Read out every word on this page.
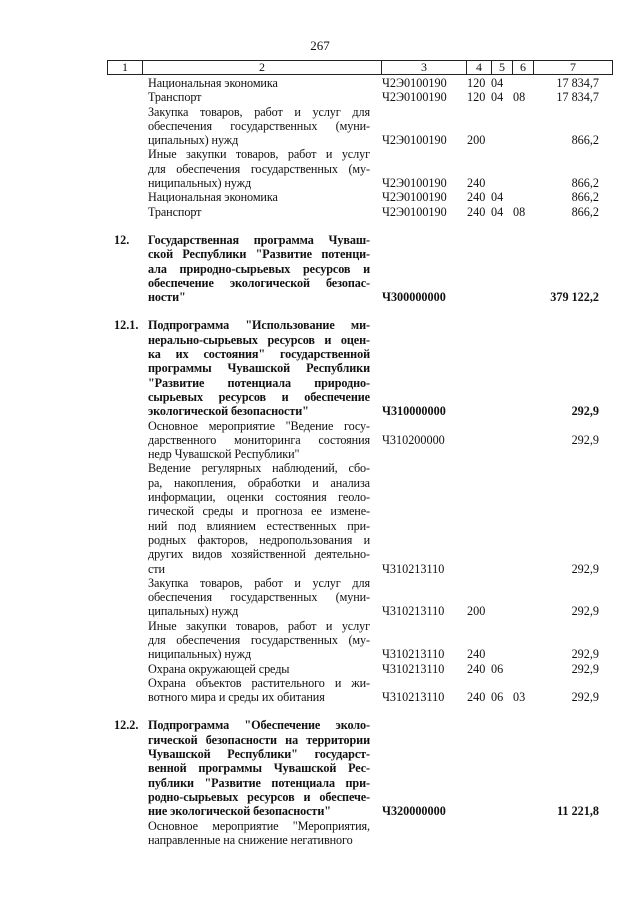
267
1	2	3	4	5	6	7
Национальная экономика	Ч2Э0100190	120 04	17 834,7
Транспорт	Ч2Э0100190	120 04 08	17 834,7
Закупка товаров, работ и услуг для
обеспечения государственных (муни-
ципальных) нужд	Ч2Э0100190	200	866,2
Иные закупки товаров, работ и услуг
для обеспечения государственных (му-
ниципальных) нужд	Ч2Э0100190	240	866,2
Национальная экономика	Ч2Э0100190	240 04	866,2
Транспорт	Ч2Э0100190	240 04 08	866,2
12.	Государственная программа Чуваш-
ской Республики "Развитие потенци-
ала природно-сырьевых ресурсов и
обеспечение экологической безопас-
ности"	Ч300000000	379 122,2
12.1. Подпрограмма "Использование ми-
нерально-сырьевых ресурсов и оцен-
ка их состояния" государственной
программы Чувашской Республики
"Развитие потенциала природно-
сырьевых ресурсов и обеспечение
экологической безопасности"	Ч310000000	292,9
Основное мероприятие "Ведение госу-
дарственного мониторинга состояния
недр Чувашской Республики"
Ч310200000	292,9
Ведение регулярных наблюдений, сбо-
ра, накопления, обработки и анализа
информации, оценки состояния геоло-
гической среды и прогноза ее измене-
ний под влиянием естественных при-
родных факторов, недропользования и
других видов хозяйственной деятельно-
сти	Ч310213110	292,9
Закупка товаров, работ и услуг для
обеспечения государственных (муни-
ципальных) нужд	Ч310213110	200	292,9
Иные закупки товаров, работ и услуг
для обеспечения государственных (му-
ниципальных) нужд	Ч310213110	240	292,9
Охрана окружающей среды	Ч310213110	240 06	292,9
Охрана объектов растительного и жи-
вотного мира и среды их обитания	Ч310213110	240 06 03	292,9
12.2. Подпрограмма "Обеспечение эколо-
гической безопасности на территории
Чувашской Республики" государст-
венной программы Чувашской Рес-
публики "Развитие потенциала при-
родно-сырьевых ресурсов и обеспече-
ние экологической безопасности"	Ч320000000	11 221,8
Основное мероприятие "Мероприятия,
направленные на снижение негативного
